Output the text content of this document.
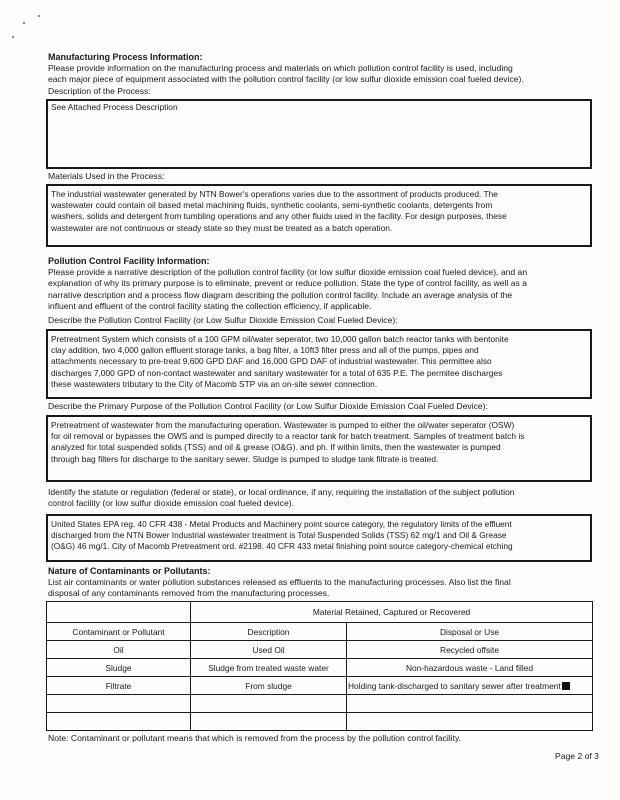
Manufacturing Process Information:
Please provide information on the manufacturing process and materials on which pollution control facility is used, including
each major piece of equipment associated with the pollution control facility (or low sulfur dioxide emission coal fueled device).
Description of the Process:
See Attached Process Description
Materials Used in the Process:
The industrial wastewater generated by NTN Bower's operations varies due to the assortment of products produced. The
wastewater could contain oil based metal machining fluids, synthetic coolants, semi-synthetic coolants, detergents from
washers, solids and detergent from tumbling operations and any other fluids used in the facility. For design purposes, these
wastewater are not continuous or steady state so they must be treated as a batch operation.
Pollution Control Facility Information:
Please provide a narrative description of the pollution control facility (or low sulfur dioxide emission coal fueled device), and an
explanation of why its primary purpose is to eliminate, prevent or reduce pollution. State the type of control facility, as well as a
narrative description and a process flow diagram describing the pollution control facility. Include an average analysis of the
influent and effluent of the control facility stating the collection efficiency, if applicable.
Describe the Pollution Control Facility (or Low Sulfur Dioxide Emission Coal Fueled Device):
Pretreatment System which consists of a 100 GPM oil/water seperator, two 10,000 gallon batch reactor tanks with bentonite
clay addition, two 4,000 gallon effluent storage tanks, a bag filter, a 10ft3 filter press and all of the pumps, pipes and
attachments necessary to pre-treat 9,600 GPD DAF and 16,000 GPD DAF of industrial wastewater. This permittee also
discharges 7,000 GPD of non-contact wastewater and sanitary wastewater for a total of 635 P.E. The permitee discharges
these wastewaters tributary to the City of Macomb STP via an on-site sewer connection.
Describe the Primary Purpose of the Pollution Control Facility (or Low Sulfur Dioxide Emission Coal Fueled Device):
Pretreatment of wastewater from the manufacturing operation. Wastewater is pumped to either the oil/water seperator (OSW)
for oil removal or bypasses the OWS and is pumped directly to a reactor tank for batch treatment. Samples of treatment batch is
analyzed for total suspended solids (TSS) and oil & grease (O&G). and ph. If within limits, then the wastewater is pumped
through bag filters for discharge to the sanitary sewer. Sludge is pumped to sludge tank filtrate is treated.
Identify the statute or regulation (federal or state), or local ordinance, if any, requiring the installation of the subject pollution
control facility (or low sulfur dioxide emission coal fueled device).
United States EPA reg. 40 CFR 438 - Metal Products and Machinery point source category, the regulatory limits of the effluent
discharged from the NTN Bower Industrial wastewater treatment is Total Suspended Solids (TSS) 62 mg/1 and Oil & Grease
(O&G) 46 mg/1. City of Macomb Pretreatment ord. #2198. 40 CFR 433 metal finishing point source category-chemical etching
Nature of Contaminants or Pollutants:
List air contaminants or water pollution substances released as effluents to the manufacturing processes. Also list the final
disposal of any contaminants removed from the manufacturing processes.
	Material Retained, Captured or Recovered	
Contaminant or Pollutant	Description	Disposal or Use
Oil	Used Oil	Recycled offsite
Sludge	Sludge from treated waste water	Non-hazardous waste - Land filled
Filtrate	From sludge	Holding tank-discharged to sanitary sewer after treatment

Note: Contaminant or pollutant means that which is removed from the process by the pollution control facility.
Page 2 of 3
